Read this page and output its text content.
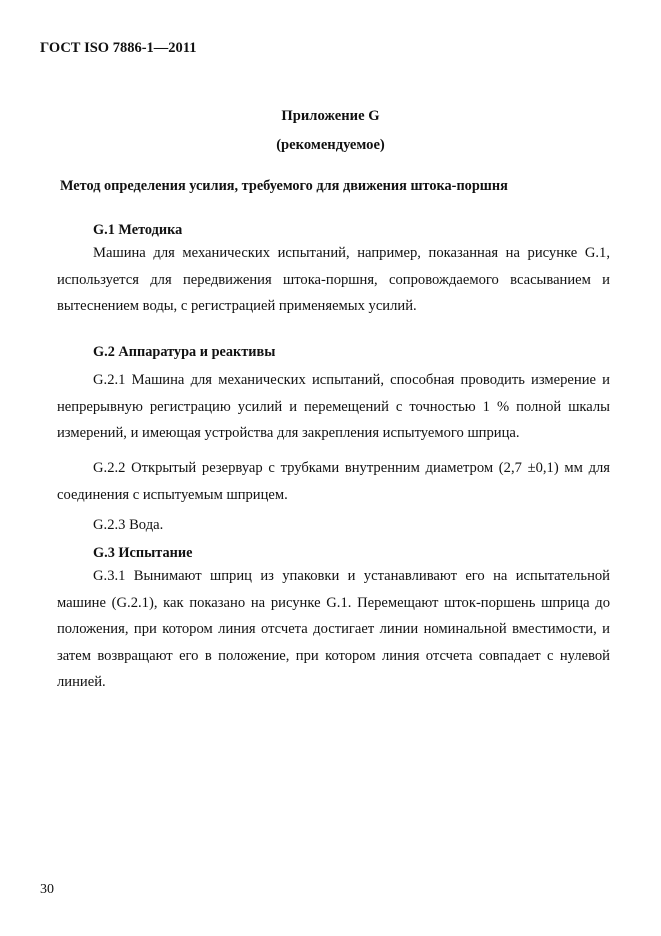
ГОСТ ISO 7886-1—2011
Приложение G
(рекомендуемое)
Метод определения усилия, требуемого для движения штока-поршня
G.1 Методика
Машина для механических испытаний, например, показанная на рисунке G.1, используется для передвижения штока-поршня, сопровождаемого всасыванием и вытеснением воды, с регистрацией применяемых усилий.
G.2 Аппаратура и реактивы
G.2.1 Машина для механических испытаний, способная проводить измерение и непрерывную регистрацию усилий и перемещений с точностью 1 % полной шкалы измерений, и имеющая устройства для закрепления испытуемого шприца.
G.2.2 Открытый резервуар с трубками внутренним диаметром (2,7 ±0,1) мм для соединения с испытуемым шприцем.
G.2.3 Вода.
G.3 Испытание
G.3.1 Вынимают шприц из упаковки и устанавливают его на испытательной машине (G.2.1), как показано на рисунке G.1. Перемещают шток-поршень шприца до положения, при котором линия отсчета достигает линии номинальной вместимости, и затем возвращают его в положение, при котором линия отсчета совпадает с нулевой линией.
30
